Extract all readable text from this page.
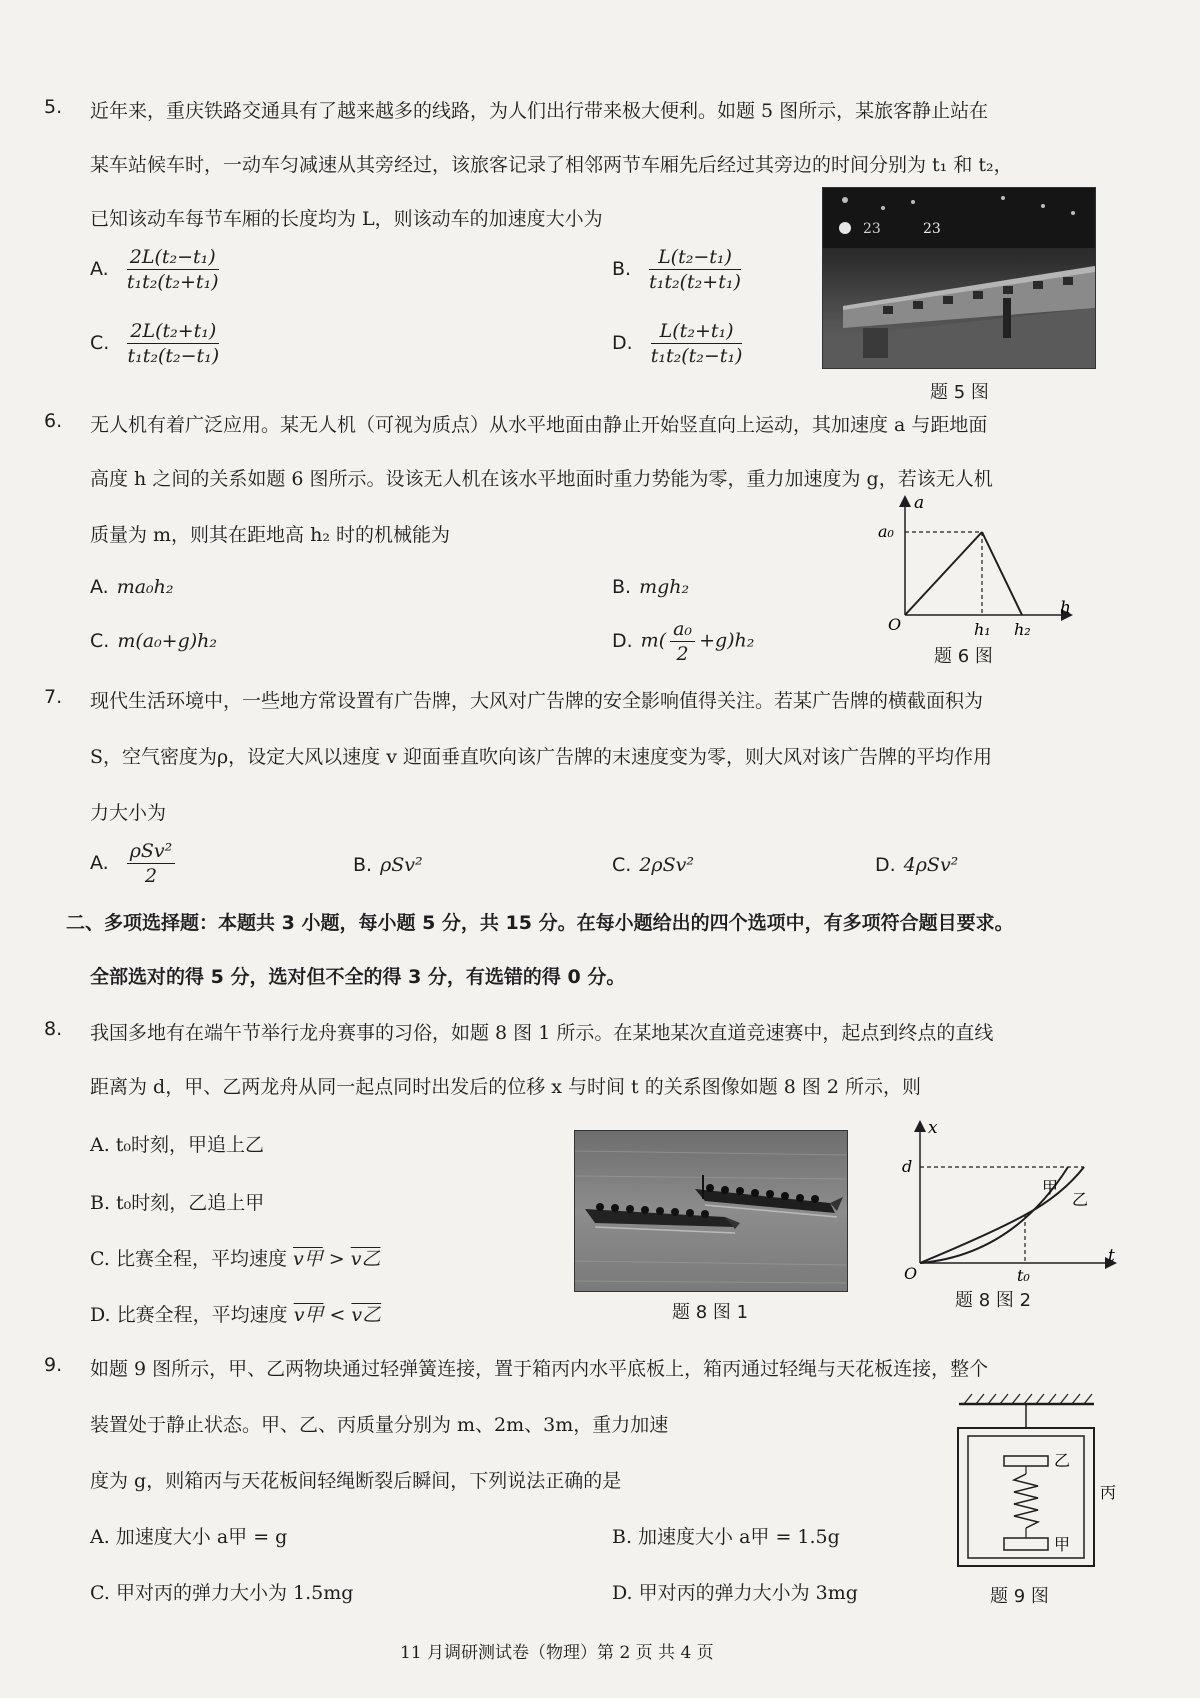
5. 近年来，重庆铁路交通具有了越来越多的线路，为人们出行带来极大便利。如题 5 图所示，某旅客静止站在
某车站候车时，一动车匀减速从其旁经过，该旅客记录了相邻两节车厢先后经过其旁边的时间分别为 t₁ 和 t₂，
已知该动车每节车厢的长度均为 L，则该动车的加速度大小为
A. $\frac{\text{2L(t₂−t₁)}}{\text{t₁t₂(t₂+t₁)}}$	B. $\frac{\text{L(t₂−t₁)}}{\text{t₁t₂(t₂+t₁)}}$
C. $\frac{\text{2L(t₂+t₁)}}{\text{t₁t₂(t₂−t₁)}}$	D. $\frac{\text{L(t₂+t₁)}}{\text{t₁t₂(t₂−t₁)}}$
23	23
题 5 图
6. 无人机有着广泛应用。某无人机（可视为质点）从水平地面由静止开始竖直向上运动，其加速度 a 与距地面
高度 h 之间的关系如题 6 图所示。设该无人机在该水平地面时重力势能为零，重力加速度为 g，若该无人机
质量为 m，则其在距地高 h₂ 时的机械能为
A. ma₀h₂	B. mgh₂
C. m(a₀+g)h₂	D. $m( \frac{\text{a₀}}{2} +g)h_2$
a
h
O
a₀
h₁ h₂
题 6 图
7. 现代生活环境中，一些地方常设置有广告牌，大风对广告牌的安全影响值得关注。若某广告牌的横截面积为
S，空气密度为ρ，设定大风以速度 v 迎面垂直吹向该广告牌的末速度变为零，则大风对该广告牌的平均作用
力大小为
A. $\frac{\text{ρSv²}}{2}$	B. ρSv²	C. 2ρSv²	D. 4ρSv²
二、多项选择题：本题共 3 小题，每小题 5 分，共 15 分。在每小题给出的四个选项中，有多项符合题目要求。
全部选对的得 5 分，选对但不全的得 3 分，有选错的得 0 分。
8. 我国多地有在端午节举行龙舟赛事的习俗，如题 8 图 1 所示。在某地某次直道竞速赛中，起点到终点的直线
距离为 d，甲、乙两龙舟从同一起点同时出发后的位移 x 与时间 t 的关系图像如题 8 图 2 所示，则
A. t₀时刻，甲追上乙
B. t₀时刻，乙追上甲
C. 比赛全程，平均速度 v甲 > v乙
D. 比赛全程，平均速度 v甲 < v乙	题 8 图 1
x
t
O
d
t₀
甲
乙
题 8 图 2
9. 如题 9 图所示，甲、乙两物块通过轻弹簧连接，置于箱丙内水平底板上，箱丙通过轻绳与天花板连接，整个
装置处于静止状态。甲、乙、丙质量分别为 m、2m、3m，重力加速
度为 g，则箱丙与天花板间轻绳断裂后瞬间，下列说法正确的是
A. 加速度大小 a甲 = g	B. 加速度大小 a甲 = 1.5g
C. 甲对丙的弹力大小为 1.5mg	D. 甲对丙的弹力大小为 3mg
乙
甲
丙
题 9 图
11 月调研测试卷（物理）第 2 页 共 4 页
